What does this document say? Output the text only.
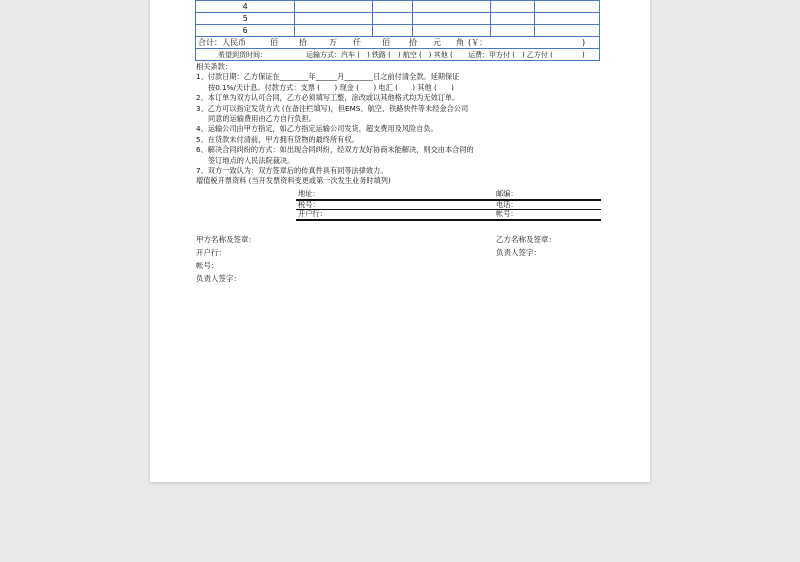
4					
5					
6					
合计：人民币	佰	拾	万 仟	佰 拾 元 角 (￥：	)
希望到货时间：	运输方式：汽车 (　) 铁路 (　) 航空 (　) 其他 ( 运费：甲方付 (　) 乙方付 (	)
相关条款：
1、付款日期：乙方保证在________年______月________日之前付清全款。延期保证
按0.1%/天计息。付款方式：支票 (　　) 现金 (　　) 电汇 (　　) 其他 (　　)
2、本订单为双方认可合同，乙方必须填写工整，涂改或以其他格式均为无效订单。
3、乙方可以指定发货方式 (在备注栏填写)，但EMS、航空、铁路快件等未经金合公司
同意的运输费用由乙方自行负担。
4、运输公司由甲方指定，如乙方指定运输公司发货，超支费用及风险自负。
5、在货款未付清前，甲方拥有货物的最终所有权。
6、解决合同纠纷的方式：如出现合同纠纷，经双方友好协商未能解决，则交由本合同的
签订地点的人民法院裁决。
7、双方一致认为：双方签章后的传真件具有同等法律效力。
增值税开票资料 (当开发票资料变更或第一次发生业务时填列)
地址：	邮编：
税号：	电话：
开户行：	帐号：
甲方名称及签章：
开户行：
帐号：
负责人签字：
乙方名称及签章：
负责人签字：
